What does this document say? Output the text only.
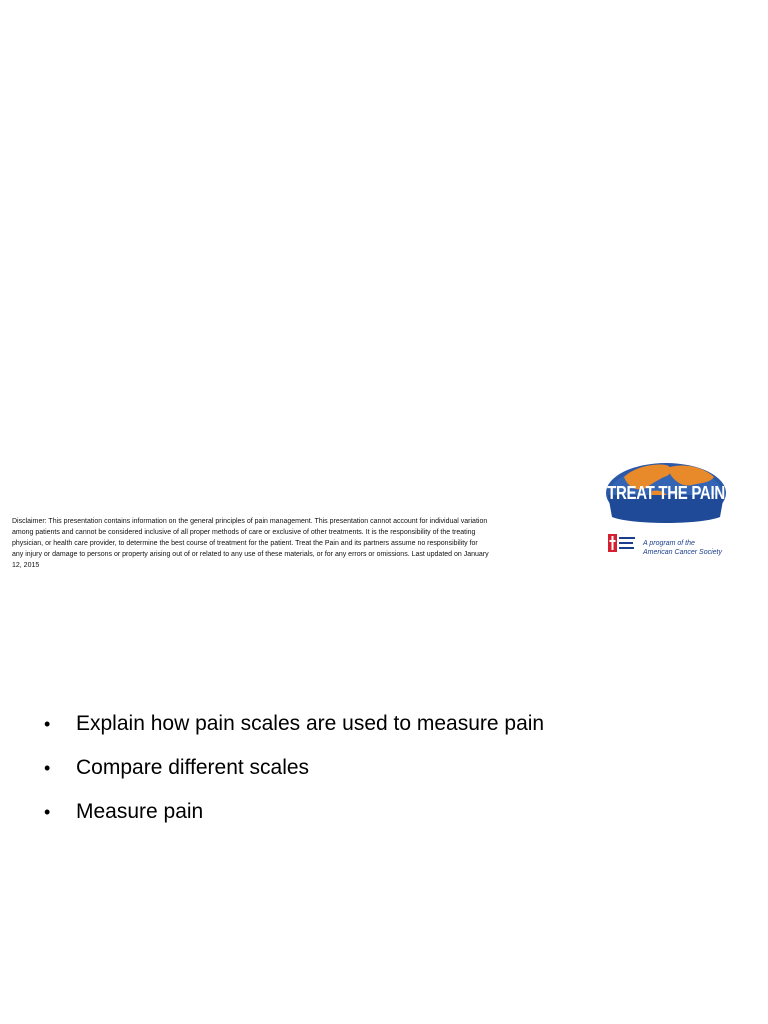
Disclaimer: This presentation contains information on the general principles of pain management. This presentation cannot account for individual variation among patients and cannot be considered inclusive of all proper methods of care or exclusive of other treatments. It is the responsibility of the treating physician, or health care provider, to determine the best course of treatment for the patient. Treat the Pain and its partners assume no responsibility for any injury or damage to persons or property arising out of or related to any use of these materials, or for any errors or omissions. Last updated on January 12, 2015
TREAT THE PAIN
A program of the
American Cancer Society
• Explain how pain scales are used to measure pain
• Compare different scales
• Measure pain
